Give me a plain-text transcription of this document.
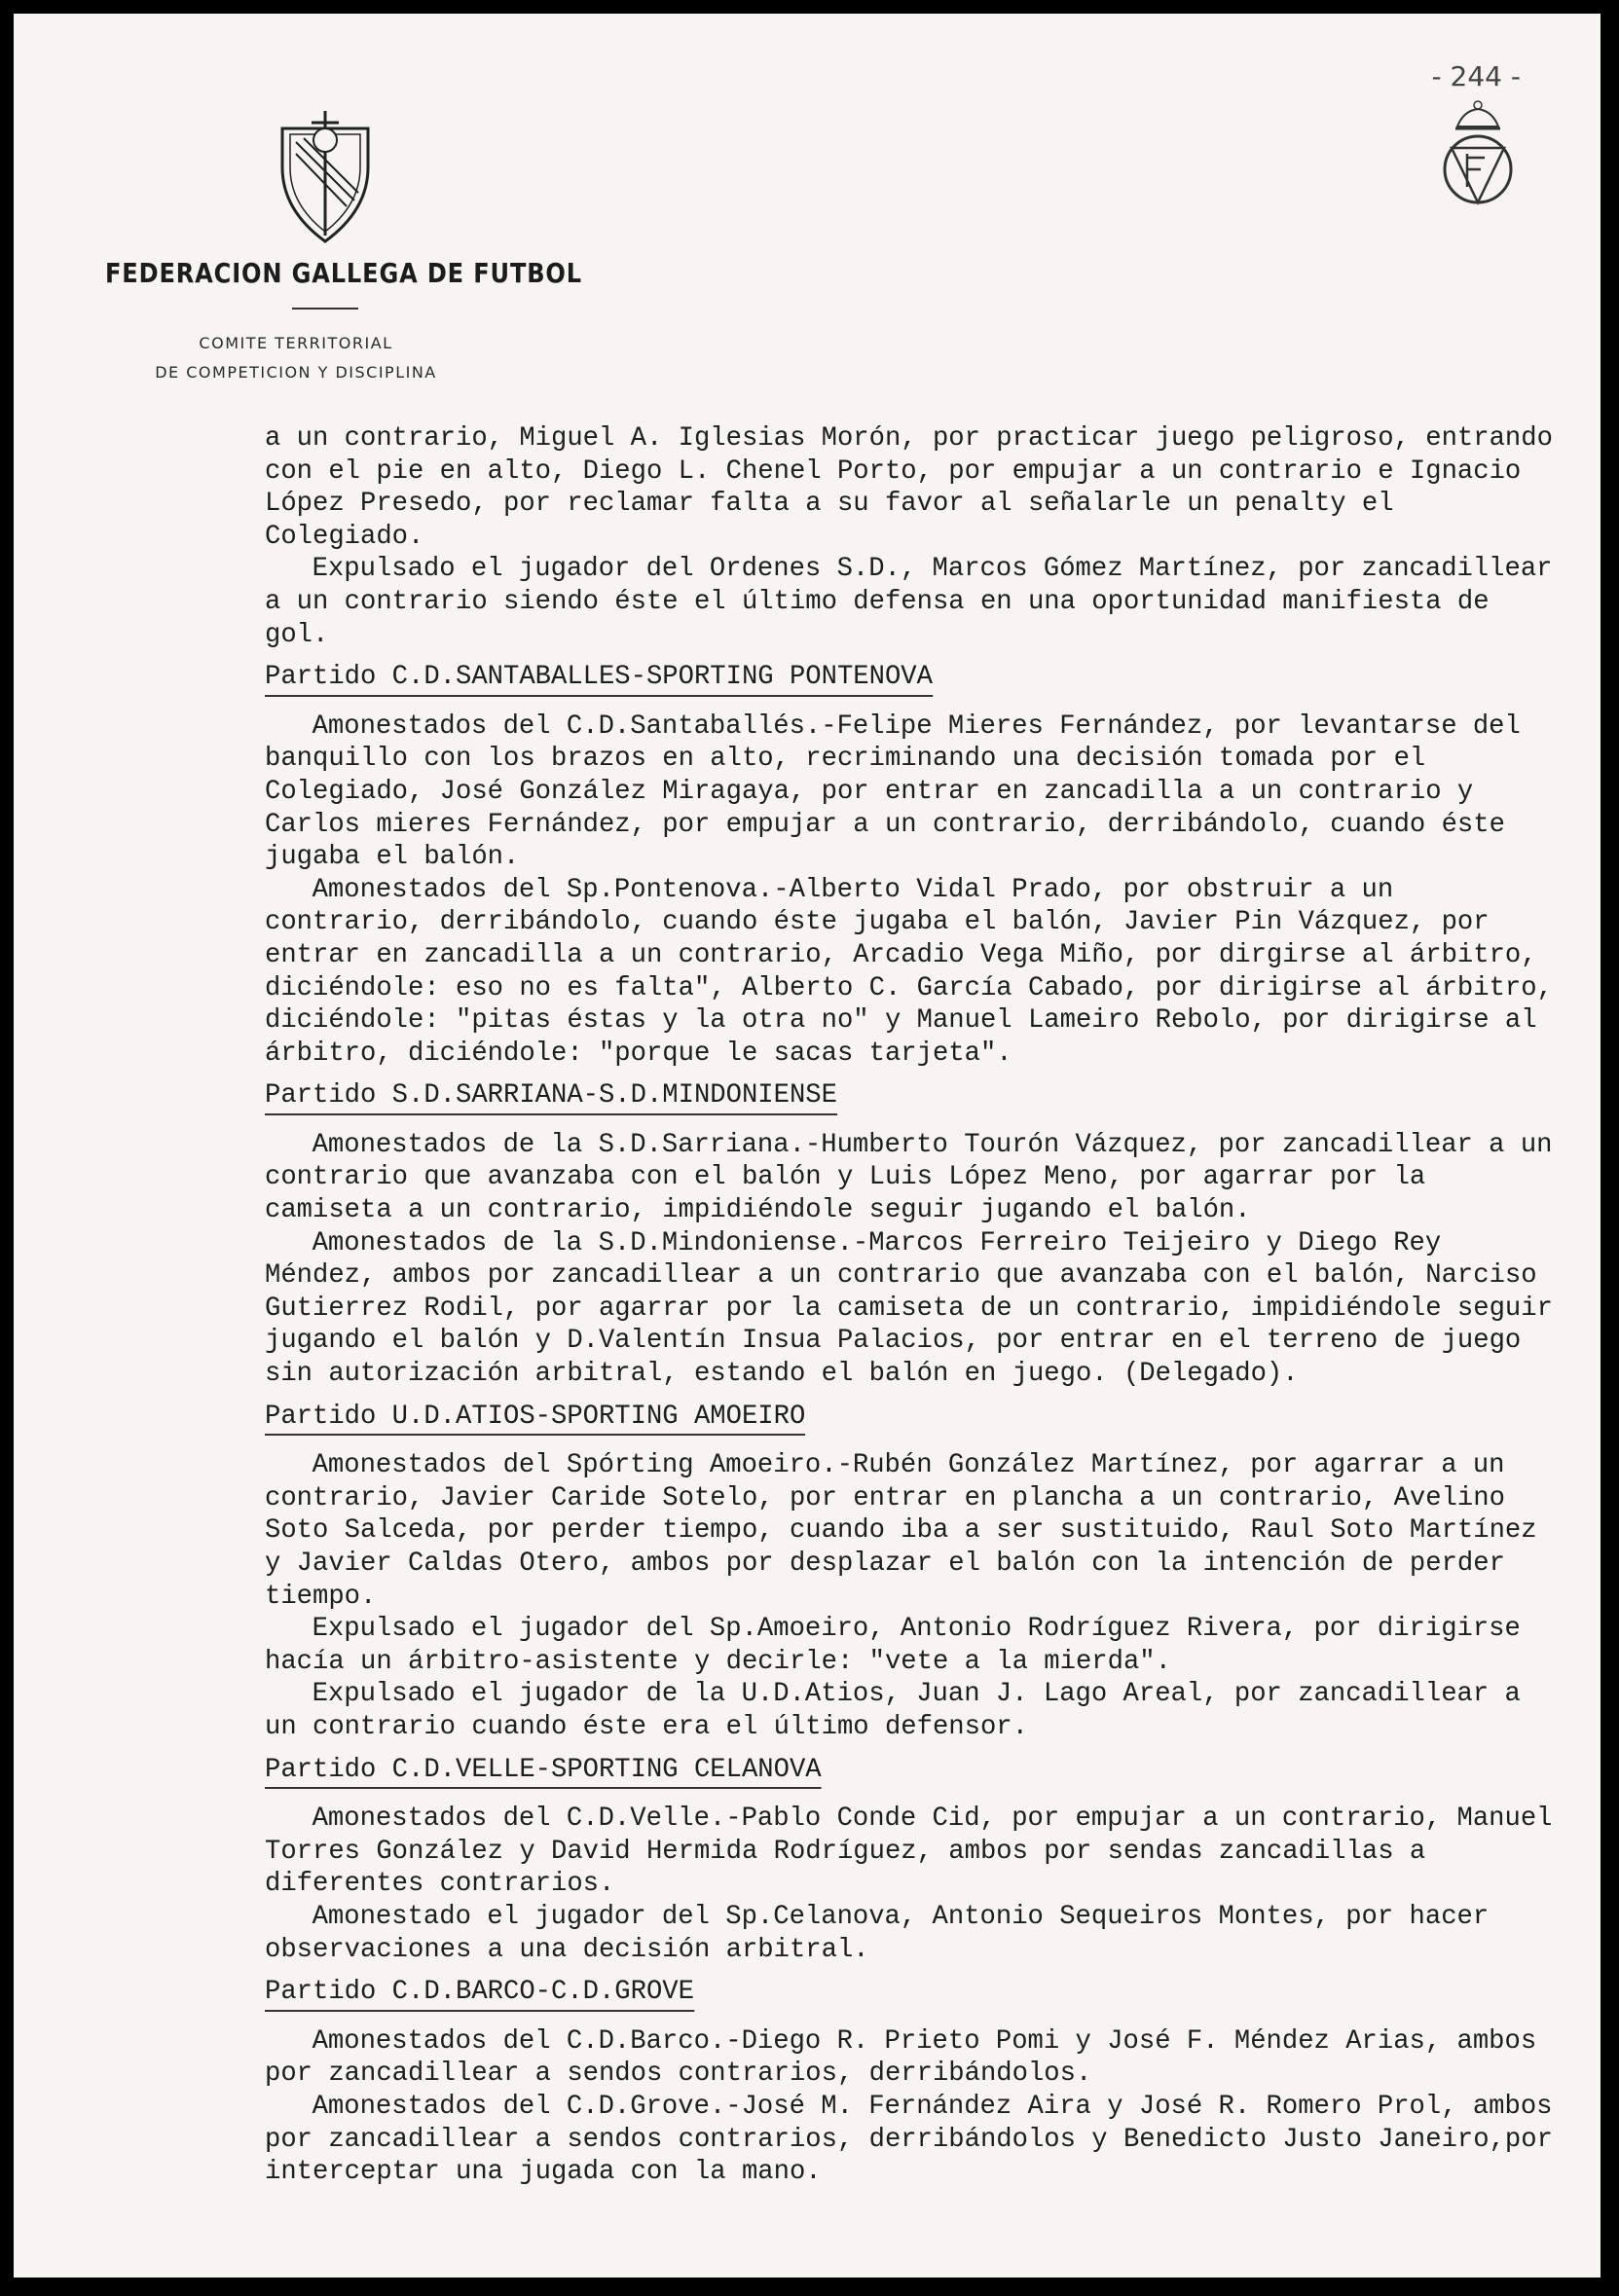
- 244 -
FEDERACION GALLEGA DE FUTBOL
COMITE TERRITORIAL
DE COMPETICION Y DISCIPLINA

a un contrario, Miguel A. Iglesias Morón, por practicar juego peligroso, entrando con el pie en alto, Diego L. Chenel Porto, por empujar a un contrario e Ignacio López Presedo, por reclamar falta a su favor al señalarle un penalty el Colegiado.

Expulsado el jugador del Ordenes S.D., Marcos Gómez Martínez, por zancadillear a un contrario siendo éste el último defensa en una oportunidad manifiesta de gol.

Partido C.D.SANTABALLES-SPORTING PONTENOVA

Amonestados del C.D.Santaballés.-Felipe Mieres Fernández, por levantarse del banquillo con los brazos en alto, recriminando una decisión tomada por el Colegiado, José González Miragaya, por entrar en zancadilla a un contrario y Carlos mieres Fernández, por empujar a un contrario, derribándolo, cuando éste jugaba el balón.

Amonestados del Sp.Pontenova.-Alberto Vidal Prado, por obstruir a un contrario, derribándolo, cuando éste jugaba el balón, Javier Pin Vázquez, por entrar en zancadilla a un contrario, Arcadio Vega Miño, por dirgirse al árbitro, diciéndole: eso no es falta", Alberto C. García Cabado, por dirigirse al árbitro, diciéndole: "pitas éstas y la otra no" y Manuel Lameiro Rebolo, por dirigirse al árbitro, diciéndole: "porque le sacas tarjeta".

Partido S.D.SARRIANA-S.D.MINDONIENSE

Amonestados de la S.D.Sarriana.-Humberto Tourón Vázquez, por zancadillear a un contrario que avanzaba con el balón y Luis López Meno, por agarrar por la camiseta a un contrario, impidiéndole seguir jugando el balón.

Amonestados de la S.D.Mindoniense.-Marcos Ferreiro Teijeiro y Diego Rey Méndez, ambos por zancadillear a un contrario que avanzaba con el balón, Narciso Gutierrez Rodil, por agarrar por la camiseta de un contrario, impidiéndole seguir jugando el balón y D.Valentín Insua Palacios, por entrar en el terreno de juego sin autorización arbitral, estando el balón en juego. (Delegado).

Partido U.D.ATIOS-SPORTING AMOEIRO

Amonestados del Spórting Amoeiro.-Rubén González Martínez, por agarrar a un contrario, Javier Caride Sotelo, por entrar en plancha a un contrario, Avelino Soto Salceda, por perder tiempo, cuando iba a ser sustituido, Raul Soto Martínez y Javier Caldas Otero, ambos por desplazar el balón con la intención de perder tiempo.

Expulsado el jugador del Sp.Amoeiro, Antonio Rodríguez Rivera, por dirigirse hacía un árbitro-asistente y decirle: "vete a la mierda".

Expulsado el jugador de la U.D.Atios, Juan J. Lago Areal, por zancadillear a un contrario cuando éste era el último defensor.

Partido C.D.VELLE-SPORTING CELANOVA

Amonestados del C.D.Velle.-Pablo Conde Cid, por empujar a un contrario, Manuel Torres González y David Hermida Rodríguez, ambos por sendas zancadillas a diferentes contrarios.

Amonestado el jugador del Sp.Celanova, Antonio Sequeiros Montes, por hacer observaciones a una decisión arbitral.

Partido C.D.BARCO-C.D.GROVE

Amonestados del C.D.Barco.-Diego R. Prieto Pomi y José F. Méndez Arias, ambos por zancadillear a sendos contrarios, derribándolos.

Amonestados del C.D.Grove.-José M. Fernández Aira y José R. Romero Prol, ambos por zancadillear a sendos contrarios, derribándolos y Benedicto Justo Janeiro,por interceptar una jugada con la mano.
